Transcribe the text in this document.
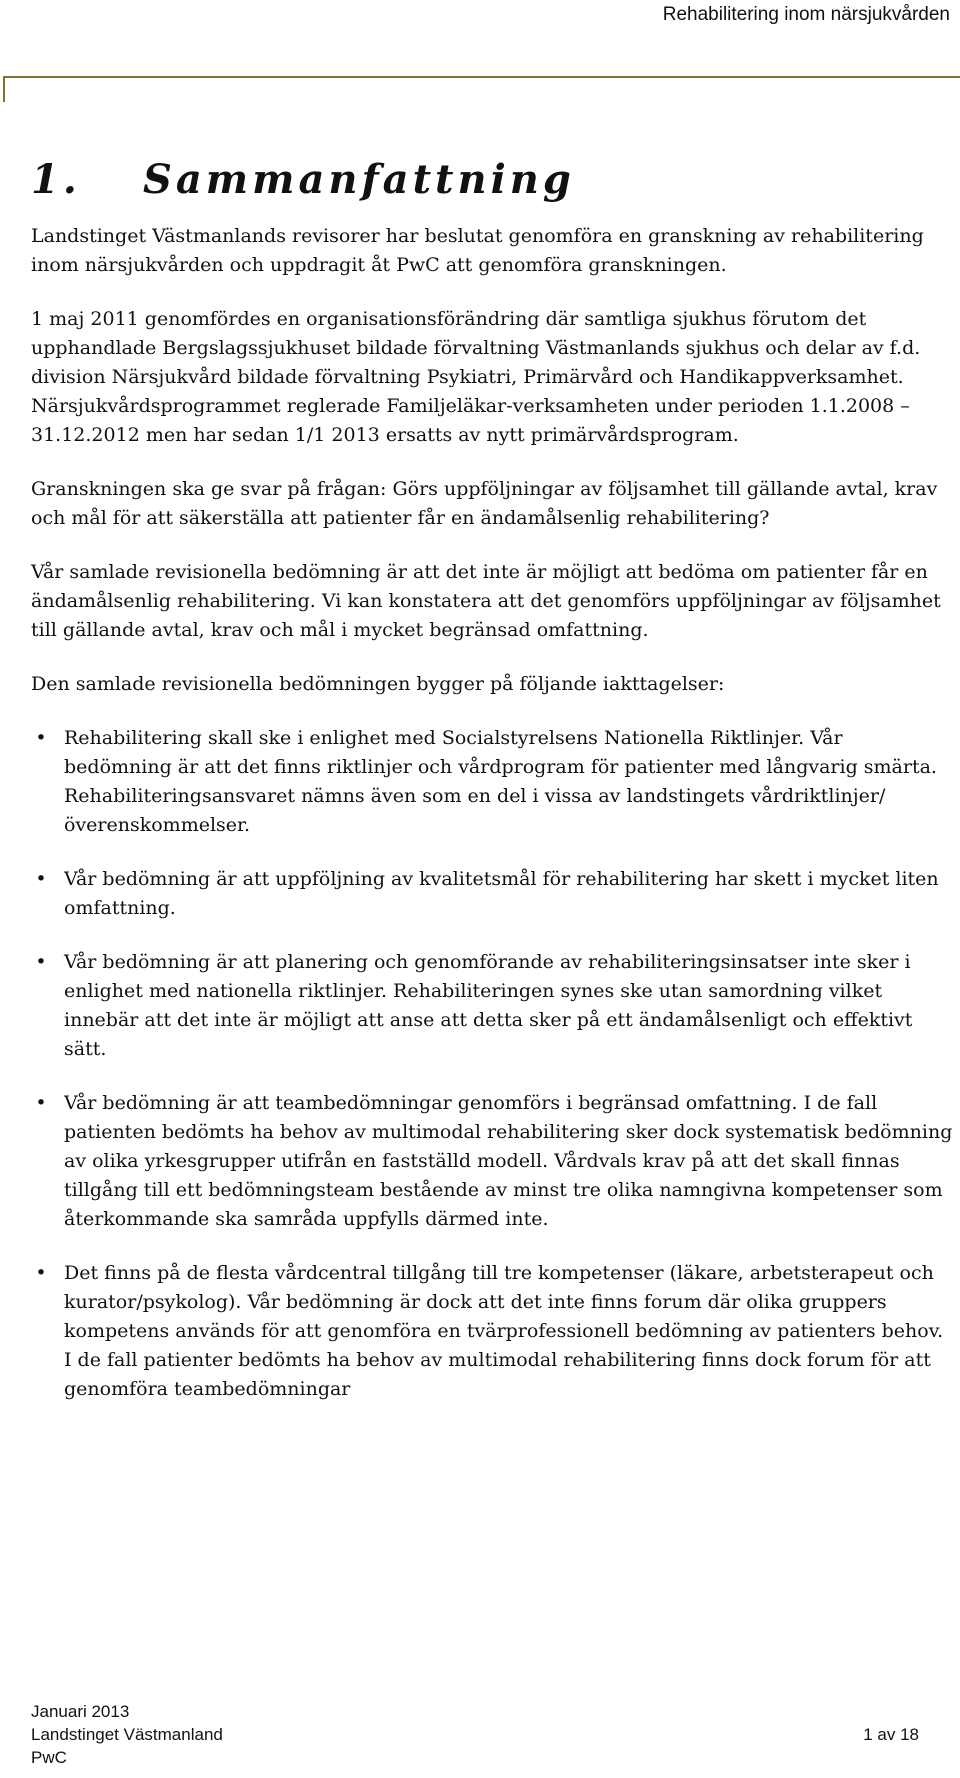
Rehabilitering inom närsjukvården
1.	Sammanfattning

Landstinget Västmanlands revisorer har beslutat genomföra en granskning av rehabilitering inom närsjukvården och uppdragit åt PwC att genomföra granskningen.

1 maj 2011 genomfördes en organisationsförändring där samtliga sjukhus förutom det upphandlade Bergslagssjukhuset bildade förvaltning Västmanlands sjukhus och delar av f.d. division Närsjukvård bildade förvaltning Psykiatri, Primärvård och Handikappverksamhet. Närsjukvårdsprogrammet reglerade Familjeläkar-verksamheten under perioden 1.1.2008 – 31.12.2012 men har sedan 1/1 2013 ersatts av nytt primärvårdsprogram.

Granskningen ska ge svar på frågan: Görs uppföljningar av följsamhet till gällande avtal, krav och mål för att säkerställa att patienter får en ändamålsenlig rehabilitering?

Vår samlade revisionella bedömning är att det inte är möjligt att bedöma om patienter får en ändamålsenlig rehabilitering. Vi kan konstatera att det genomförs uppföljningar av följsamhet till gällande avtal, krav och mål i mycket begränsad omfattning.

Den samlade revisionella bedömningen bygger på följande iakttagelser:

• Rehabilitering skall ske i enlighet med Socialstyrelsens Nationella Riktlinjer. Vår bedömning är att det finns riktlinjer och vårdprogram för patienter med långvarig smärta. Rehabiliteringsansvaret nämns även som en del i vissa av landstingets vårdriktlinjer/överenskommelser.
• Vår bedömning är att uppföljning av kvalitetsmål för rehabilitering har skett i mycket liten omfattning.
• Vår bedömning är att planering och genomförande av rehabiliteringsinsatser inte sker i enlighet med nationella riktlinjer. Rehabiliteringen synes ske utan samordning vilket innebär att det inte är möjligt att anse att detta sker på ett ändamålsenligt och effektivt sätt.
• Vår bedömning är att teambedömningar genomförs i begränsad omfattning. I de fall patienten bedömts ha behov av multimodal rehabilitering sker dock systematisk bedömning av olika yrkesgrupper utifrån en fastställd modell. Vårdvals krav på att det skall finnas tillgång till ett bedömningsteam bestående av minst tre olika namngivna kompetenser som återkommande ska samråda uppfylls därmed inte.
• Det finns på de flesta vårdcentral tillgång till tre kompetenser (läkare, arbetsterapeut och kurator/psykolog). Vår bedömning är dock att det inte finns forum där olika gruppers kompetens används för att genomföra en tvärprofessionell bedömning av patienters behov. I de fall patienter bedömts ha behov av multimodal rehabilitering finns dock forum för att genomföra teambedömningar
Januari 2013
Landstinget Västmanland	1 av 18
PwC
